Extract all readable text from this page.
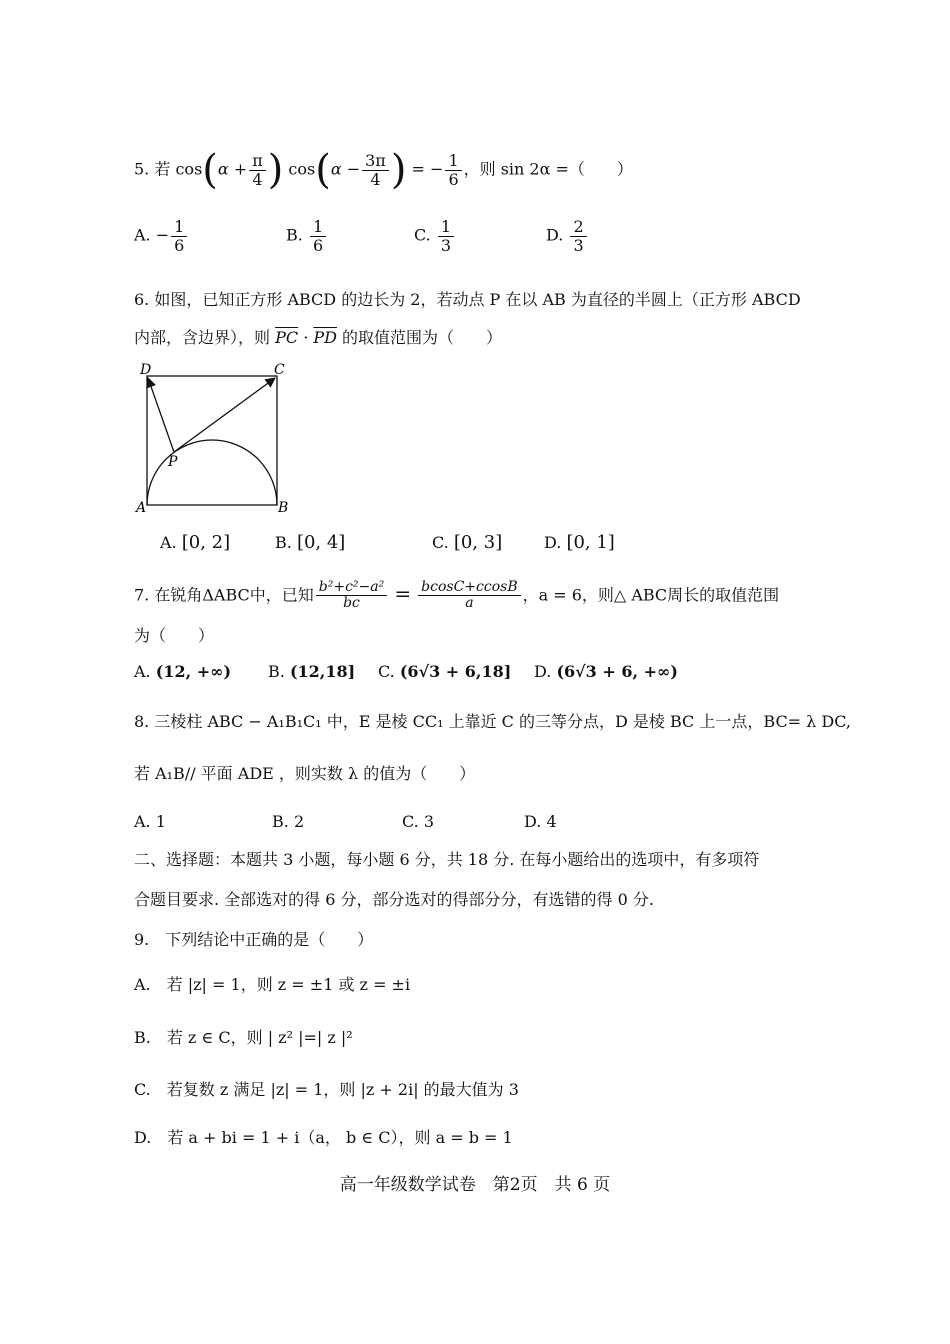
5. 若 $\cos(\alpha + \frac{\pi}{4}$ ) $\cos(\alpha - \frac{3\pi}{4}$ ) = − $\frac{1}{6}$ ，则 sin 2α =（　　）
A. − $\frac{1}{6}$	B. $\frac{1}{6}$	C. $\frac{1}{3}$	D. $\frac{2}{3}$
6. 如图，已知正方形 ABCD 的边长为 2，若动点 P 在以 AB 为直径的半圆上（正方形 ABCD
内部，含边界），则 $\overline{PC} \cdot \overline{PD}$ 的取值范围为（　　）
D	C
P
A	B
A. [0, 2]	B. [0, 4]	C. [0, 3]	D. [0, 1]
7. 在锐角ΔABC中，已知 $\frac{\text{b²+c²−a²}}{bc} = \frac{bcosC+ccosB}{a}$ ，a = 6，则△ ABC周长的取值范围
为（　　）
A. (12, +∞) B. (12,18] C. (6√3 + 6,18] D. (6√3 + 6, +∞)
8. 三棱柱 ABC − A₁B₁C₁ 中，E 是棱 CC₁ 上靠近 C 的三等分点，D 是棱 BC 上一点，BC= λ DC,
若 A₁B// 平面 ADE ，则实数 λ 的值为（　　）
A. 1	B. 2	C. 3	D. 4
二、选择题：本题共 3 小题，每小题 6 分，共 18 分. 在每小题给出的选项中，有多项符
合题目要求. 全部选对的得 6 分，部分选对的得部分分，有选错的得 0 分.
9.　下列结论中正确的是（　　）
A.　若 |z| = 1，则 z = ±1 或 z = ±i
B.　若 z ∈ C，则 | z² |=| z |²
C.　若复数 z 满足 |z| = 1，则 |z + 2i| 的最大值为 3
D.　若 a + bi = 1 + i（a， b ∈ C），则 a = b = 1
高一年级数学试卷　第2页　共 6 页
